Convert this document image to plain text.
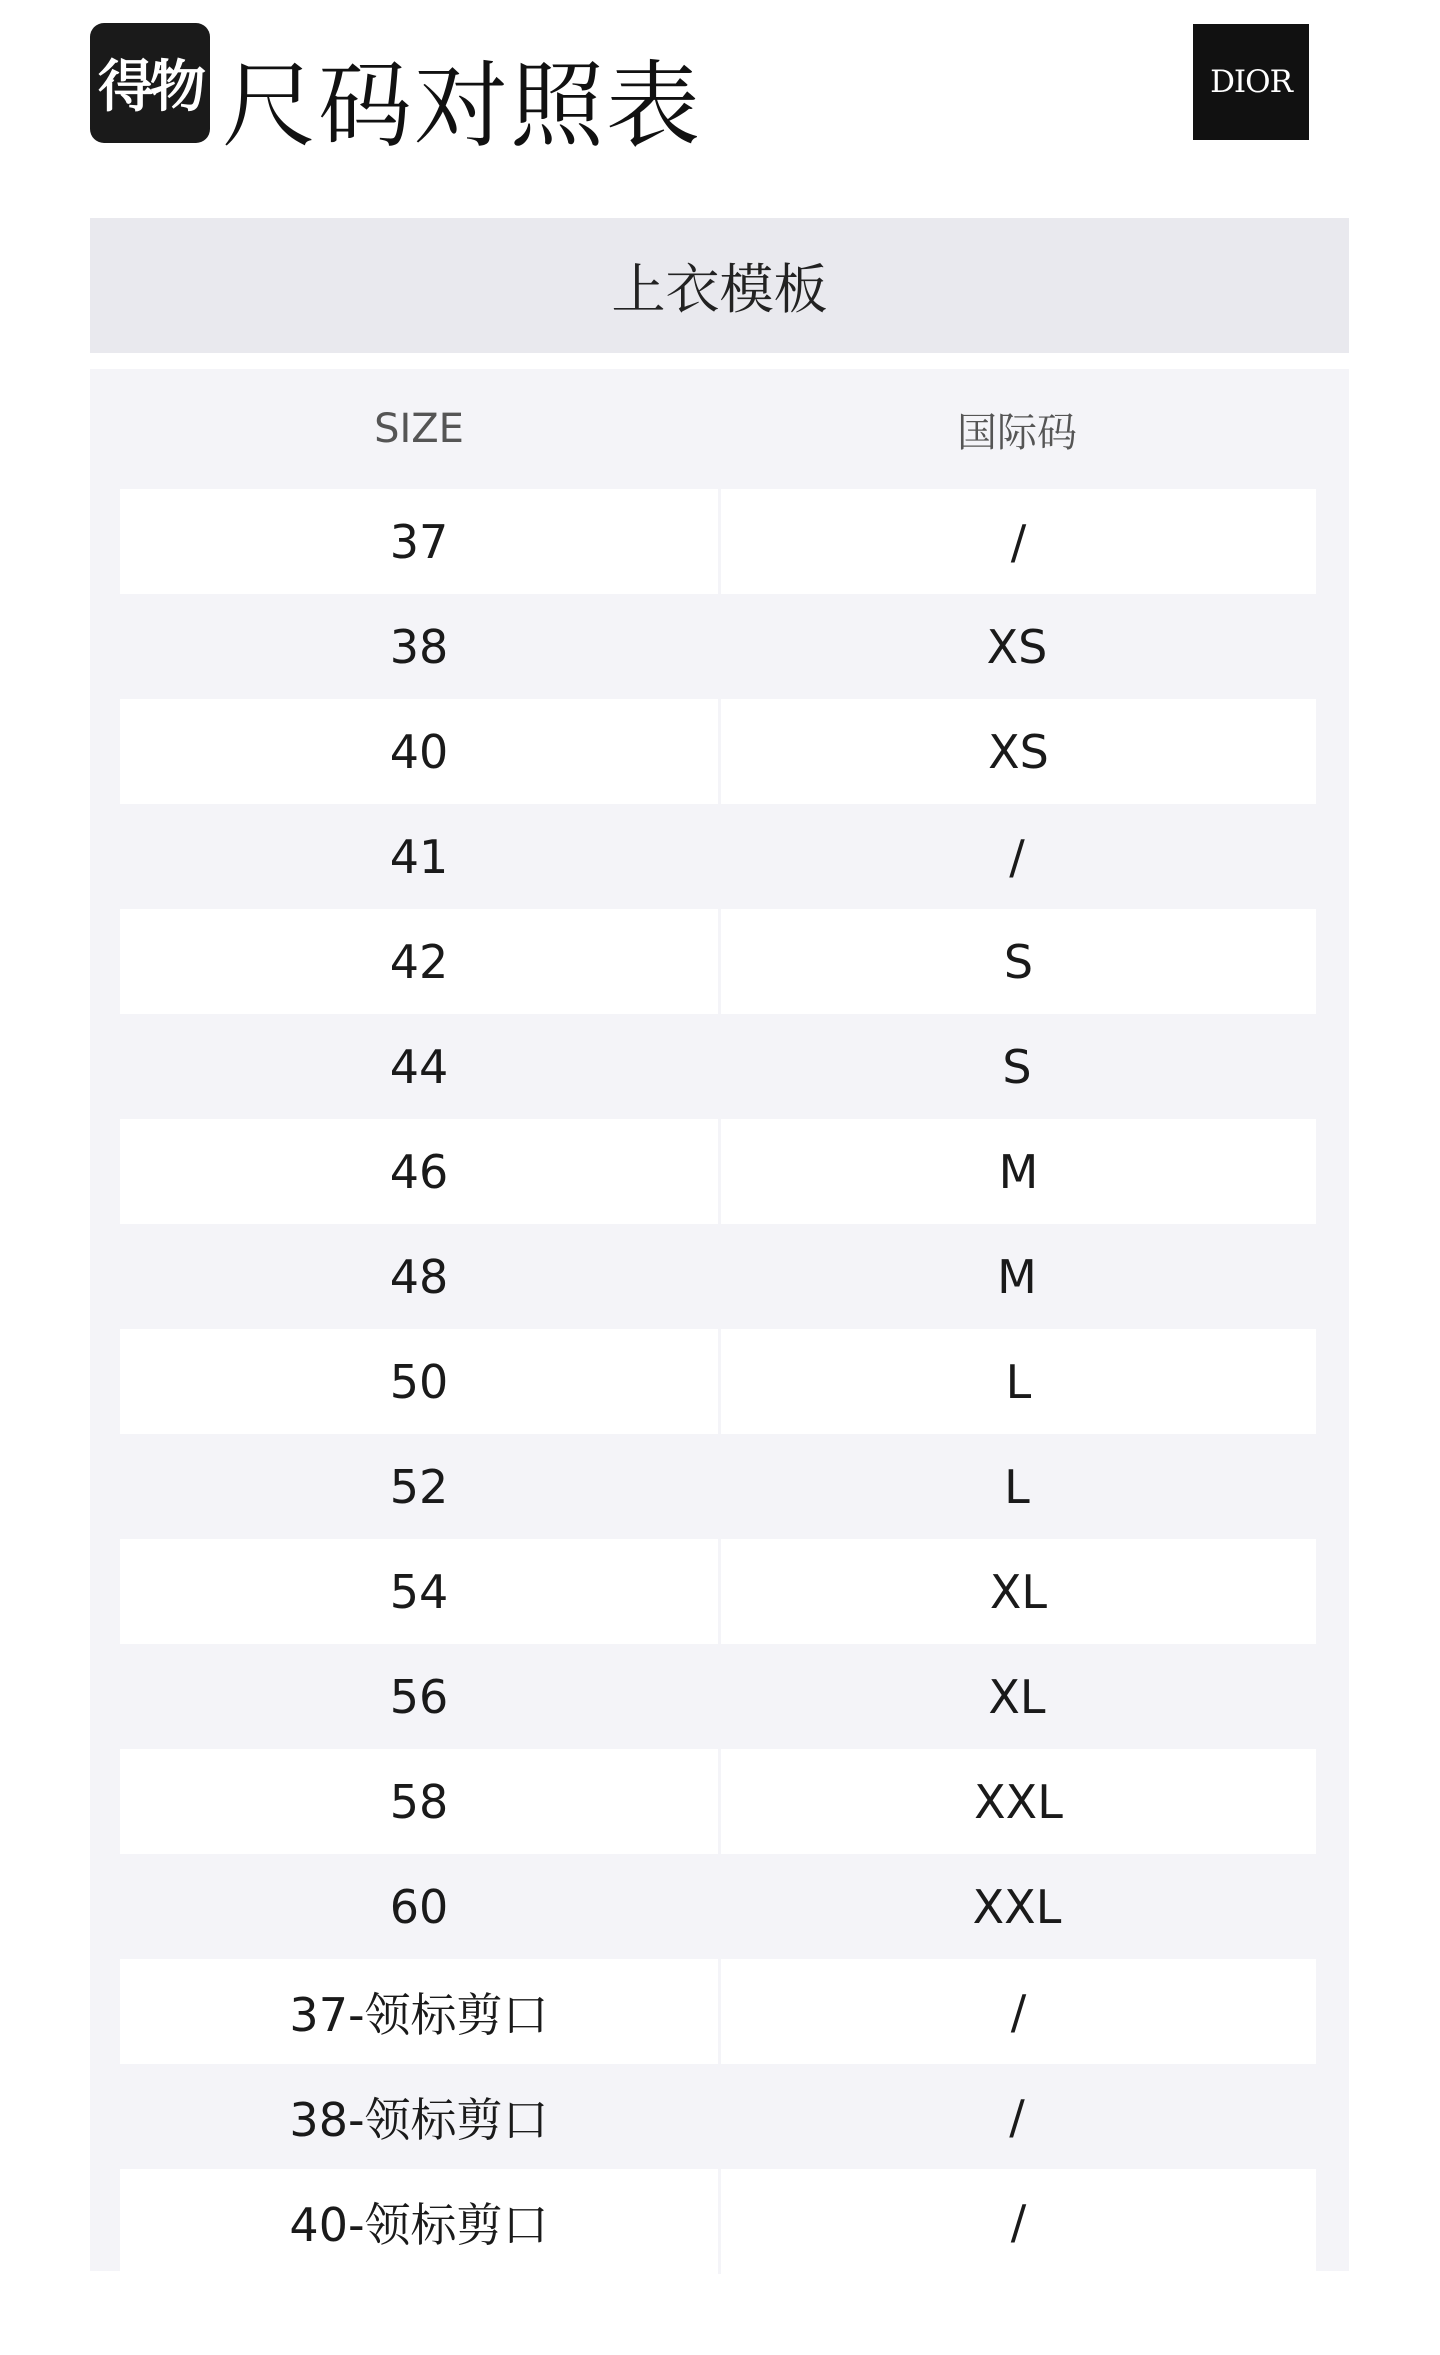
得物 尺码对照表	DIOR
上衣模板
SIZE	国际码
37	/
38	XS
40	XS
41	/
42	S
44	S
46	M
48	M
50	L
52	L
54	XL
56	XL
58	XXL
60	XXL
37-领标剪口	/
38-领标剪口	/
40-领标剪口	/
